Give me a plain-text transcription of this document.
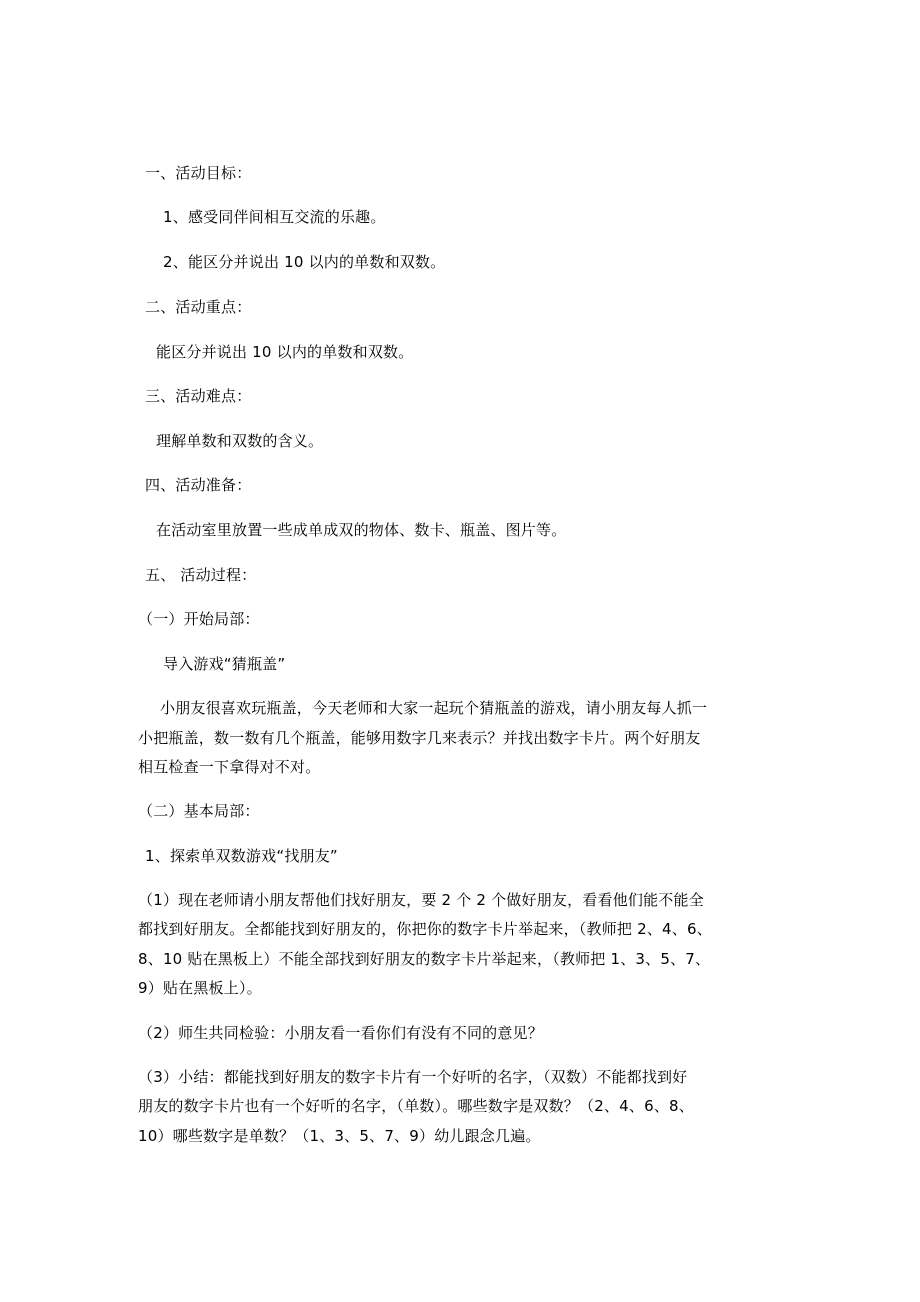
一、活动目标：
1、感受同伴间相互交流的乐趣。
2、能区分并说出 10 以内的单数和双数。
二、活动重点：
能区分并说出 10 以内的单数和双数。
三、活动难点：
理解单数和双数的含义。
四、活动准备：
在活动室里放置一些成单成双的物体、数卡、瓶盖、图片等。
五、 活动过程：
（一）开始局部：
导入游戏“猜瓶盖”
小朋友很喜欢玩瓶盖，今天老师和大家一起玩个猜瓶盖的游戏，请小朋友每人抓一
小把瓶盖，数一数有几个瓶盖，能够用数字几来表示？并找出数字卡片。两个好朋友
相互检查一下拿得对不对。
（二）基本局部：
1、探索单双数游戏“找朋友”
（1）现在老师请小朋友帮他们找好朋友，要 2 个 2 个做好朋友，看看他们能不能全
都找到好朋友。全都能找到好朋友的，你把你的数字卡片举起来，（教师把 2、4、6、
8、10 贴在黑板上）不能全部找到好朋友的数字卡片举起来，（教师把 1、3、5、7、
9）贴在黑板上）。
（2）师生共同检验：小朋友看一看你们有没有不同的意见？
（3）小结：都能找到好朋友的数字卡片有一个好听的名字，（双数）不能都找到好
朋友的数字卡片也有一个好听的名字，（单数）。哪些数字是双数？（2、4、6、8、
10）哪些数字是单数？（1、3、5、7、9）幼儿跟念几遍。
